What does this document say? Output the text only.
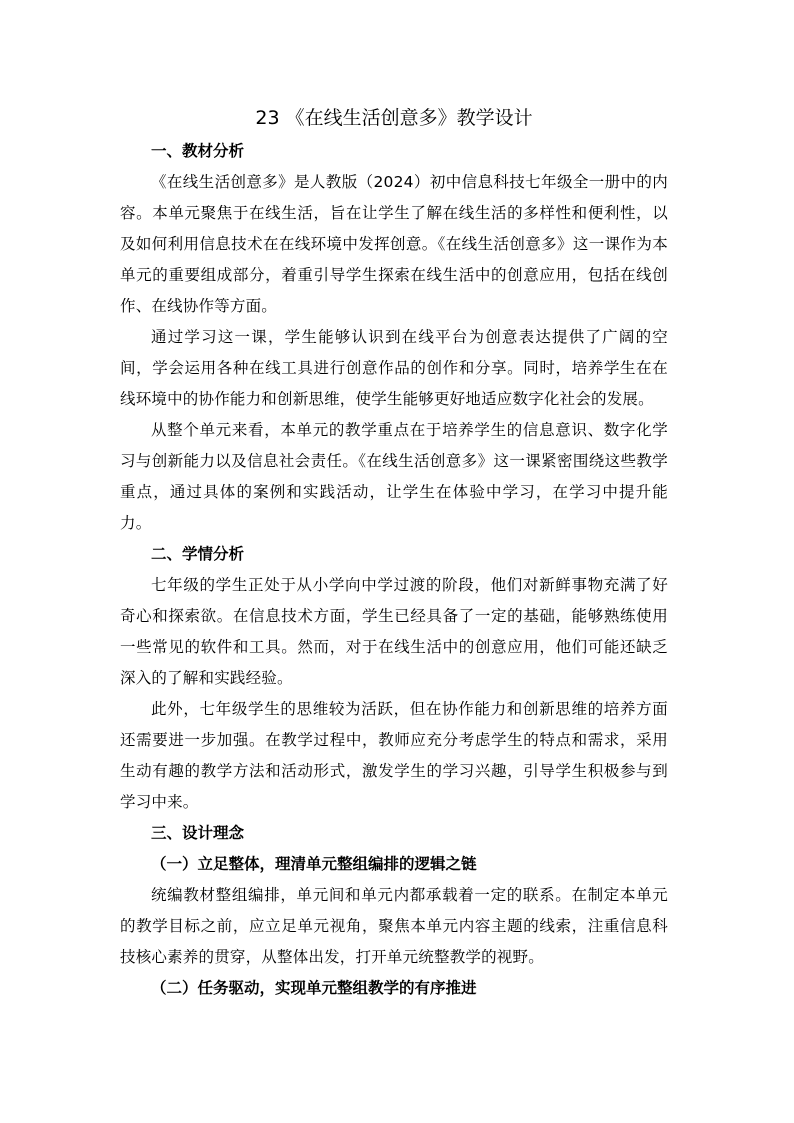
23 《在线生活创意多》教学设计
一、教材分析

《在线生活创意多》是人教版（2024）初中信息科技七年级全一册中的内容。本单元聚焦于在线生活，旨在让学生了解在线生活的多样性和便利性，以及如何利用信息技术在在线环境中发挥创意。《在线生活创意多》这一课作为本单元的重要组成部分，着重引导学生探索在线生活中的创意应用，包括在线创作、在线协作等方面。

通过学习这一课，学生能够认识到在线平台为创意表达提供了广阔的空间，学会运用各种在线工具进行创意作品的创作和分享。同时，培养学生在在线环境中的协作能力和创新思维，使学生能够更好地适应数字化社会的发展。

从整个单元来看，本单元的教学重点在于培养学生的信息意识、数字化学习与创新能力以及信息社会责任。《在线生活创意多》这一课紧密围绕这些教学重点，通过具体的案例和实践活动，让学生在体验中学习，在学习中提升能力。

二、学情分析

七年级的学生正处于从小学向中学过渡的阶段，他们对新鲜事物充满了好奇心和探索欲。在信息技术方面，学生已经具备了一定的基础，能够熟练使用一些常见的软件和工具。然而，对于在线生活中的创意应用，他们可能还缺乏深入的了解和实践经验。

此外，七年级学生的思维较为活跃，但在协作能力和创新思维的培养方面还需要进一步加强。在教学过程中，教师应充分考虑学生的特点和需求，采用生动有趣的教学方法和活动形式，激发学生的学习兴趣，引导学生积极参与到学习中来。

三、设计理念
（一）立足整体，理清单元整组编排的逻辑之链

统编教材整组编排，单元间和单元内都承载着一定的联系。在制定本单元的教学目标之前，应立足单元视角，聚焦本单元内容主题的线索，注重信息科技核心素养的贯穿，从整体出发，打开单元统整教学的视野。

（二）任务驱动，实现单元整组教学的有序推进
